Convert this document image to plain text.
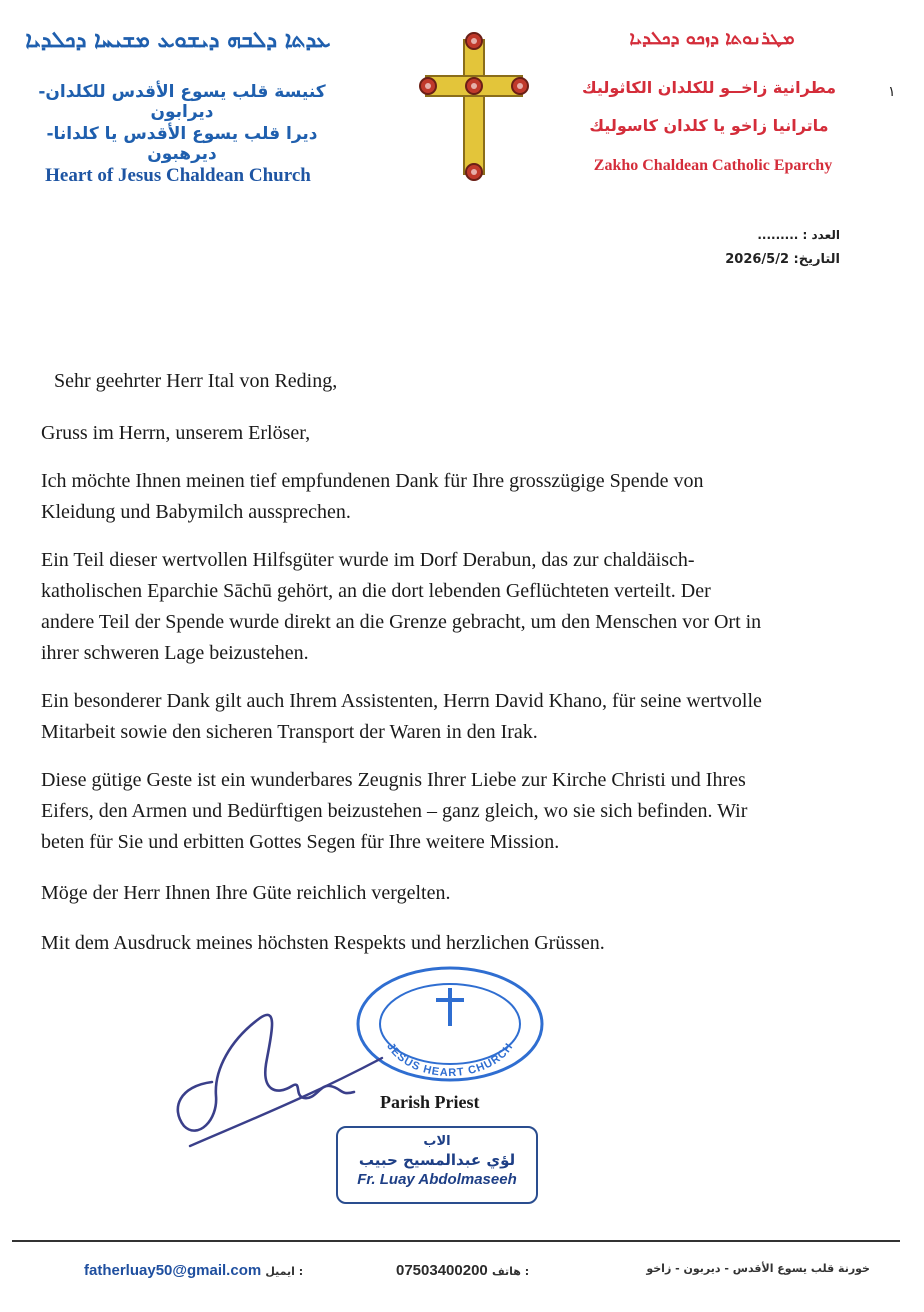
ܥܕܬܐ ܕܠܒܗ ܕܝܫܘܥ ܡܫܝܚܐ ܕܟܠܕܝܐ
كنيسة قلب يسوع الأقدس للكلدان- ديرابون
ديرا قلب يسوع الأقدس يا كلدانا- ديرهبون
Heart of Jesus Chaldean Church
ܡܛܪܢܘܬܐ ܕܙܟܘ ܕܟܠܕܝܐ
مطرانية زاخــو للكلدان الكاثوليك
ماترانيا زاخو يا كلدان كاسوليك
Zakho Chaldean Catholic Eparchy
١
العدد : .........
التاريخ: 2026/5/2

Sehr geehrter Herr Ital von Reding,

Gruss im Herrn, unserem Erlöser,

Ich möchte Ihnen meinen tief empfundenen Dank für Ihre grosszügige Spende von

Kleidung und Babymilch aussprechen.

Ein Teil dieser wertvollen Hilfsgüter wurde im Dorf Derabun, das zur chaldäisch-

katholischen Eparchie Sāchū gehört, an die dort lebenden Geflüchteten verteilt. Der

andere Teil der Spende wurde direkt an die Grenze gebracht, um den Menschen vor Ort in

ihrer schweren Lage beizustehen.

Ein besonderer Dank gilt auch Ihrem Assistenten, Herrn David Khano, für seine wertvolle

Mitarbeit sowie den sicheren Transport der Waren in den Irak.

Diese gütige Geste ist ein wunderbares Zeugnis Ihrer Liebe zur Kirche Christi und Ihres

Eifers, den Armen und Bedürftigen beizustehen – ganz gleich, wo sie sich befinden. Wir

beten für Sie und erbitten Gottes Segen für Ihre weitere Mission.

Möge der Herr Ihnen Ihre Güte reichlich vergelten.

Mit dem Ausdruck meines höchsten Respekts und herzlichen Grüssen.

JESUS HEART CHURCH
Parish Priest
الاب
لؤي عبدالمسيح حبيب
Fr. Luay Abdolmaseeh
fatherluay50@gmail.com ايميل :	07503400200 هاتف :	خورنة قلب يسوع الأقدس - ديربون - زاخو
